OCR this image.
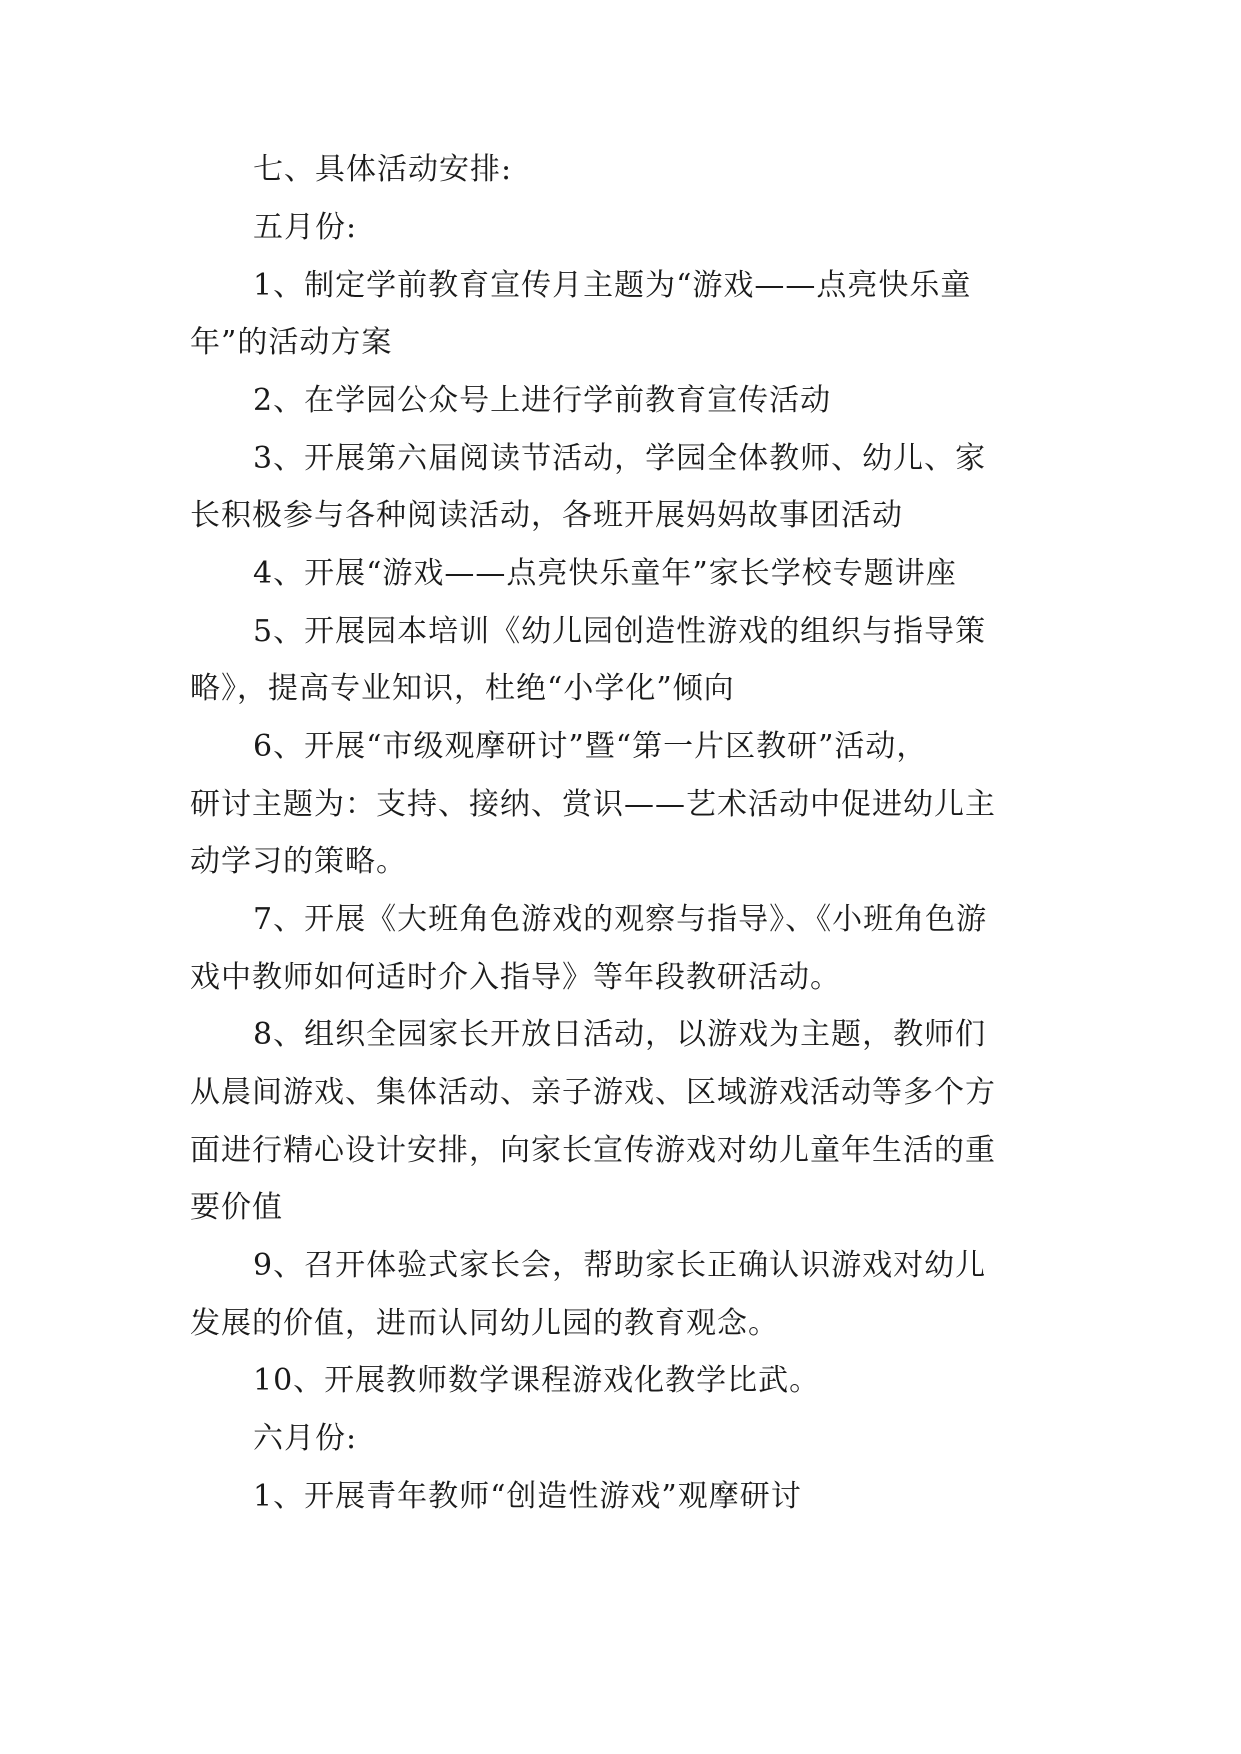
七、具体活动安排:
五月份:
1、制定学前教育宣传月主题为“游戏——点亮快乐童
年”的活动方案
2、在学园公众号上进行学前教育宣传活动
3、开展第六届阅读节活动，学园全体教师、幼儿、家
长积极参与各种阅读活动，各班开展妈妈故事团活动
4、开展“游戏——点亮快乐童年”家长学校专题讲座
5、开展园本培训《幼儿园创造性游戏的组织与指导策
略》，提高专业知识，杜绝“小学化”倾向
6、开展“市级观摩研讨”暨“第一片区教研”活动，
研讨主题为：支持、接纳、赏识——艺术活动中促进幼儿主
动学习的策略。
7、开展《大班角色游戏的观察与指导》、《小班角色游
戏中教师如何适时介入指导》等年段教研活动。
8、组织全园家长开放日活动，以游戏为主题，教师们
从晨间游戏、集体活动、亲子游戏、区域游戏活动等多个方
面进行精心设计安排，向家长宣传游戏对幼儿童年生活的重
要价值
9、召开体验式家长会，帮助家长正确认识游戏对幼儿
发展的价值，进而认同幼儿园的教育观念。
10、开展教师数学课程游戏化教学比武。
六月份:
1、开展青年教师“创造性游戏”观摩研讨
